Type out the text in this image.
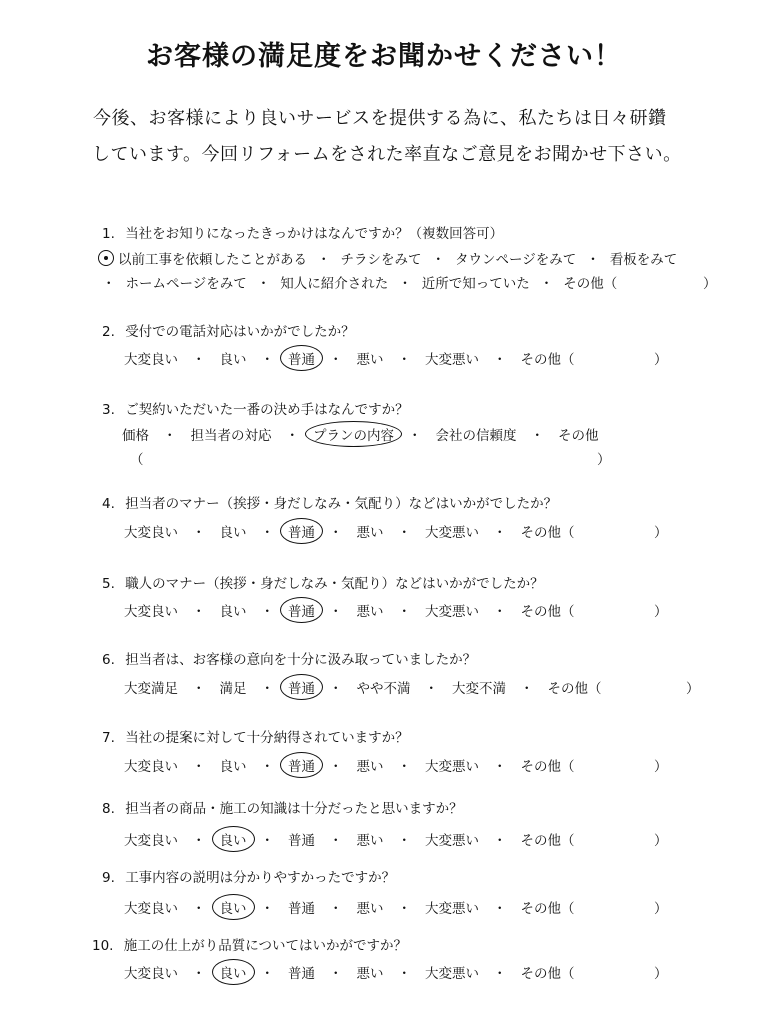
お客様の満足度をお聞かせください！
今後、お客様により良いサービスを提供する為に、私たちは日々研鑽
しています。今回リフォームをされた率直なご意見をお聞かせ下さい。
1. 当社をお知りになったきっかけはなんですか？（複数回答可）
以前工事を依頼したことがある ・ チラシをみて ・ タウンページをみて ・ 看板をみて
・ ホームページをみて ・ 知人に紹介された ・ 近所で知っていた ・ その他（	）
2. 受付での電話対応はいかがでしたか？
大変良い	・	良い	・	普通	・	悪い	・	大変悪い	・	その他（	）
3. ご契約いただいた一番の決め手はなんですか？
価格	・	担当者の対応	・	プランの内容	・	会社の信頼度	・	その他
（	）
4. 担当者のマナー（挨拶・身だしなみ・気配り）などはいかがでしたか？
大変良い	・	良い	・	普通	・	悪い	・	大変悪い	・	その他（	）
5. 職人のマナー（挨拶・身だしなみ・気配り）などはいかがでしたか？
大変良い	・	良い	・	普通	・	悪い	・	大変悪い	・	その他（	）
6. 担当者は、お客様の意向を十分に汲み取っていましたか？
大変満足	・	満足	・	普通	・	やや不満	・	大変不満	・	その他（	）
7. 当社の提案に対して十分納得されていますか？
大変良い	・	良い	・	普通	・	悪い	・	大変悪い	・	その他（	）
8. 担当者の商品・施工の知識は十分だったと思いますか？
大変良い	・	良い	・	普通	・	悪い	・	大変悪い	・	その他（	）
9. 工事内容の説明は分かりやすかったですか？
大変良い	・	良い	・	普通	・	悪い	・	大変悪い	・	その他（	）
10. 施工の仕上がり品質についてはいかがですか？
大変良い	・	良い	・	普通	・	悪い	・	大変悪い	・	その他（	）
